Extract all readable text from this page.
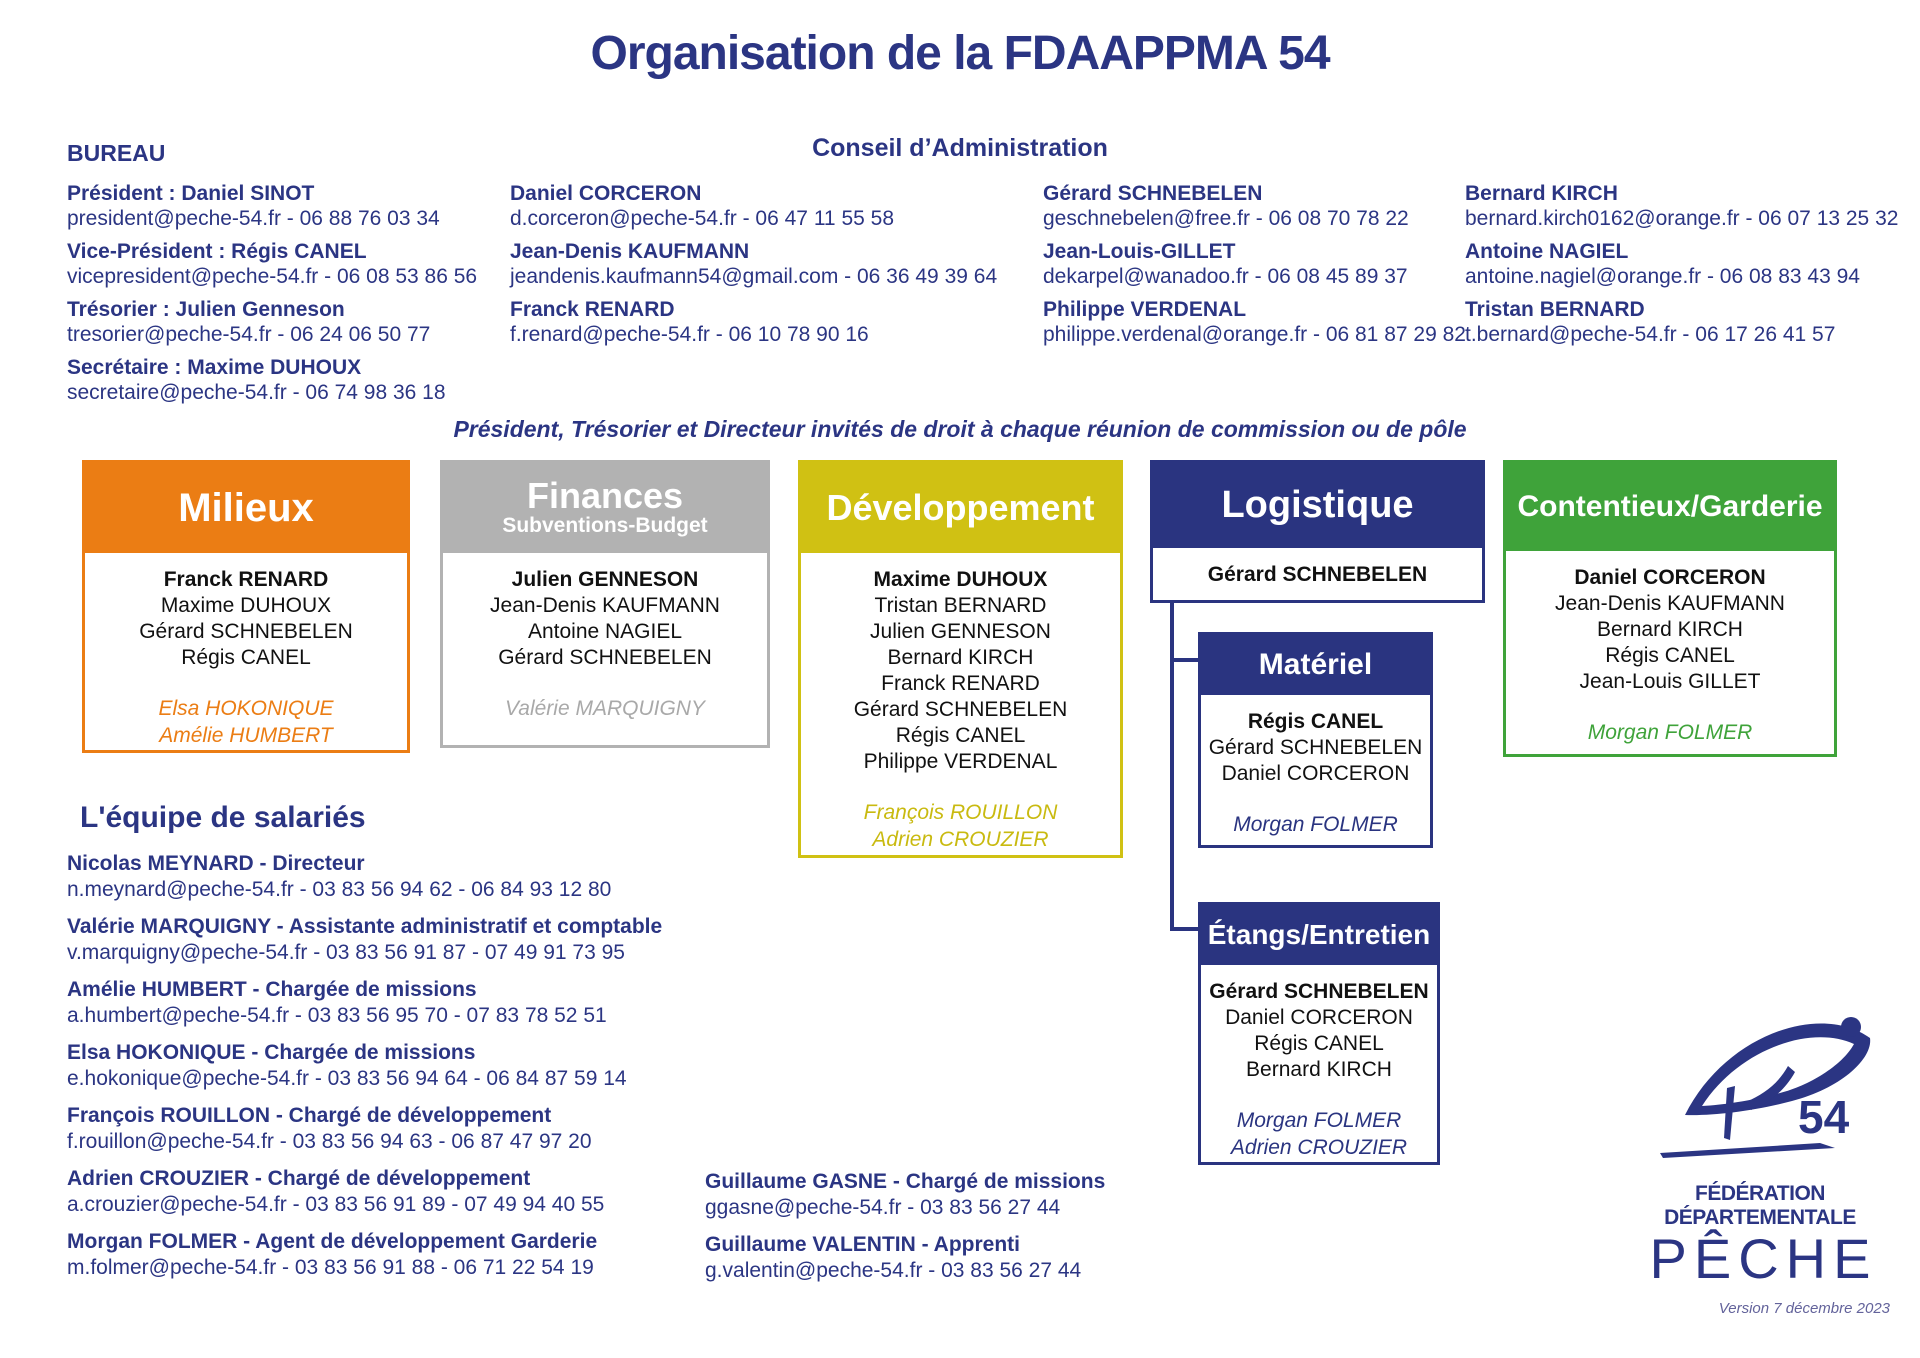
Organisation de la FDAAPPMA 54
Conseil d’Administration
BUREAU
Président : Daniel SINOT
president@peche-54.fr - 06 88 76 03 34
Vice-Président : Régis CANEL
vicepresident@peche-54.fr - 06 08 53 86 56
Trésorier : Julien Genneson
tresorier@peche-54.fr - 06 24 06 50 77
Secrétaire : Maxime DUHOUX
secretaire@peche-54.fr - 06 74 98 36 18
Daniel CORCERON
d.corceron@peche-54.fr - 06 47 11 55 58
Jean-Denis KAUFMANN
jeandenis.kaufmann54@gmail.com - 06 36 49 39 64
Franck RENARD
f.renard@peche-54.fr - 06 10 78 90 16
Gérard SCHNEBELEN
geschnebelen@free.fr - 06 08 70 78 22
Jean-Louis-GILLET
dekarpel@wanadoo.fr - 06 08 45 89 37
Philippe VERDENAL
philippe.verdenal@orange.fr - 06 81 87 29 82
Bernard KIRCH
bernard.kirch0162@orange.fr - 06 07 13 25 32
Antoine NAGIEL
antoine.nagiel@orange.fr - 06 08 83 43 94
Tristan BERNARD
t.bernard@peche-54.fr - 06 17 26 41 57
Président, Trésorier et Directeur invités de droit à chaque réunion de commission ou de pôle
Milieux
Franck RENARD
Maxime DUHOUX
Gérard SCHNEBELEN
Régis CANEL
Elsa HOKONIQUE
Amélie HUMBERT
Finances
Subventions-Budget
Julien GENNESON
Jean-Denis KAUFMANN
Antoine NAGIEL
Gérard SCHNEBELEN
Valérie MARQUIGNY
Développement
Maxime DUHOUX
Tristan BERNARD
Julien GENNESON
Bernard KIRCH
Franck RENARD
Gérard SCHNEBELEN
Régis CANEL
Philippe VERDENAL
François ROUILLON
Adrien CROUZIER
Logistique
Gérard SCHNEBELEN
Contentieux/Garderie
Daniel CORCERON
Jean-Denis KAUFMANN
Bernard KIRCH
Régis CANEL
Jean-Louis GILLET
Morgan FOLMER
Matériel
Régis CANEL
Gérard SCHNEBELEN
Daniel CORCERON
Morgan FOLMER
Étangs/Entretien
Gérard SCHNEBELEN
Daniel CORCERON
Régis CANEL
Bernard KIRCH
Morgan FOLMER
Adrien CROUZIER
L'équipe de salariés
Nicolas MEYNARD - Directeur
n.meynard@peche-54.fr - 03 83 56 94 62 - 06 84 93 12 80
Valérie MARQUIGNY - Assistante administratif et comptable
v.marquigny@peche-54.fr - 03 83 56 91 87 - 07 49 91 73 95
Amélie HUMBERT - Chargée de missions
a.humbert@peche-54.fr - 03 83 56 95 70 - 07 83 78 52 51
Elsa HOKONIQUE - Chargée de missions
e.hokonique@peche-54.fr - 03 83 56 94 64 - 06 84 87 59 14
François ROUILLON - Chargé de développement
f.rouillon@peche-54.fr - 03 83 56 94 63 - 06 87 47 97 20
Adrien CROUZIER - Chargé de développement
a.crouzier@peche-54.fr - 03 83 56 91 89 - 07 49 94 40 55
Morgan FOLMER - Agent de développement Garderie
m.folmer@peche-54.fr - 03 83 56 91 88 - 06 71 22 54 19
Guillaume GASNE - Chargé de missions
ggasne@peche-54.fr - 03 83 56 27 44
Guillaume VALENTIN - Apprenti
g.valentin@peche-54.fr - 03 83 56 27 44
54
FÉDÉRATION DÉPARTEMENTALE
PÊCHE
Version 7 décembre 2023
